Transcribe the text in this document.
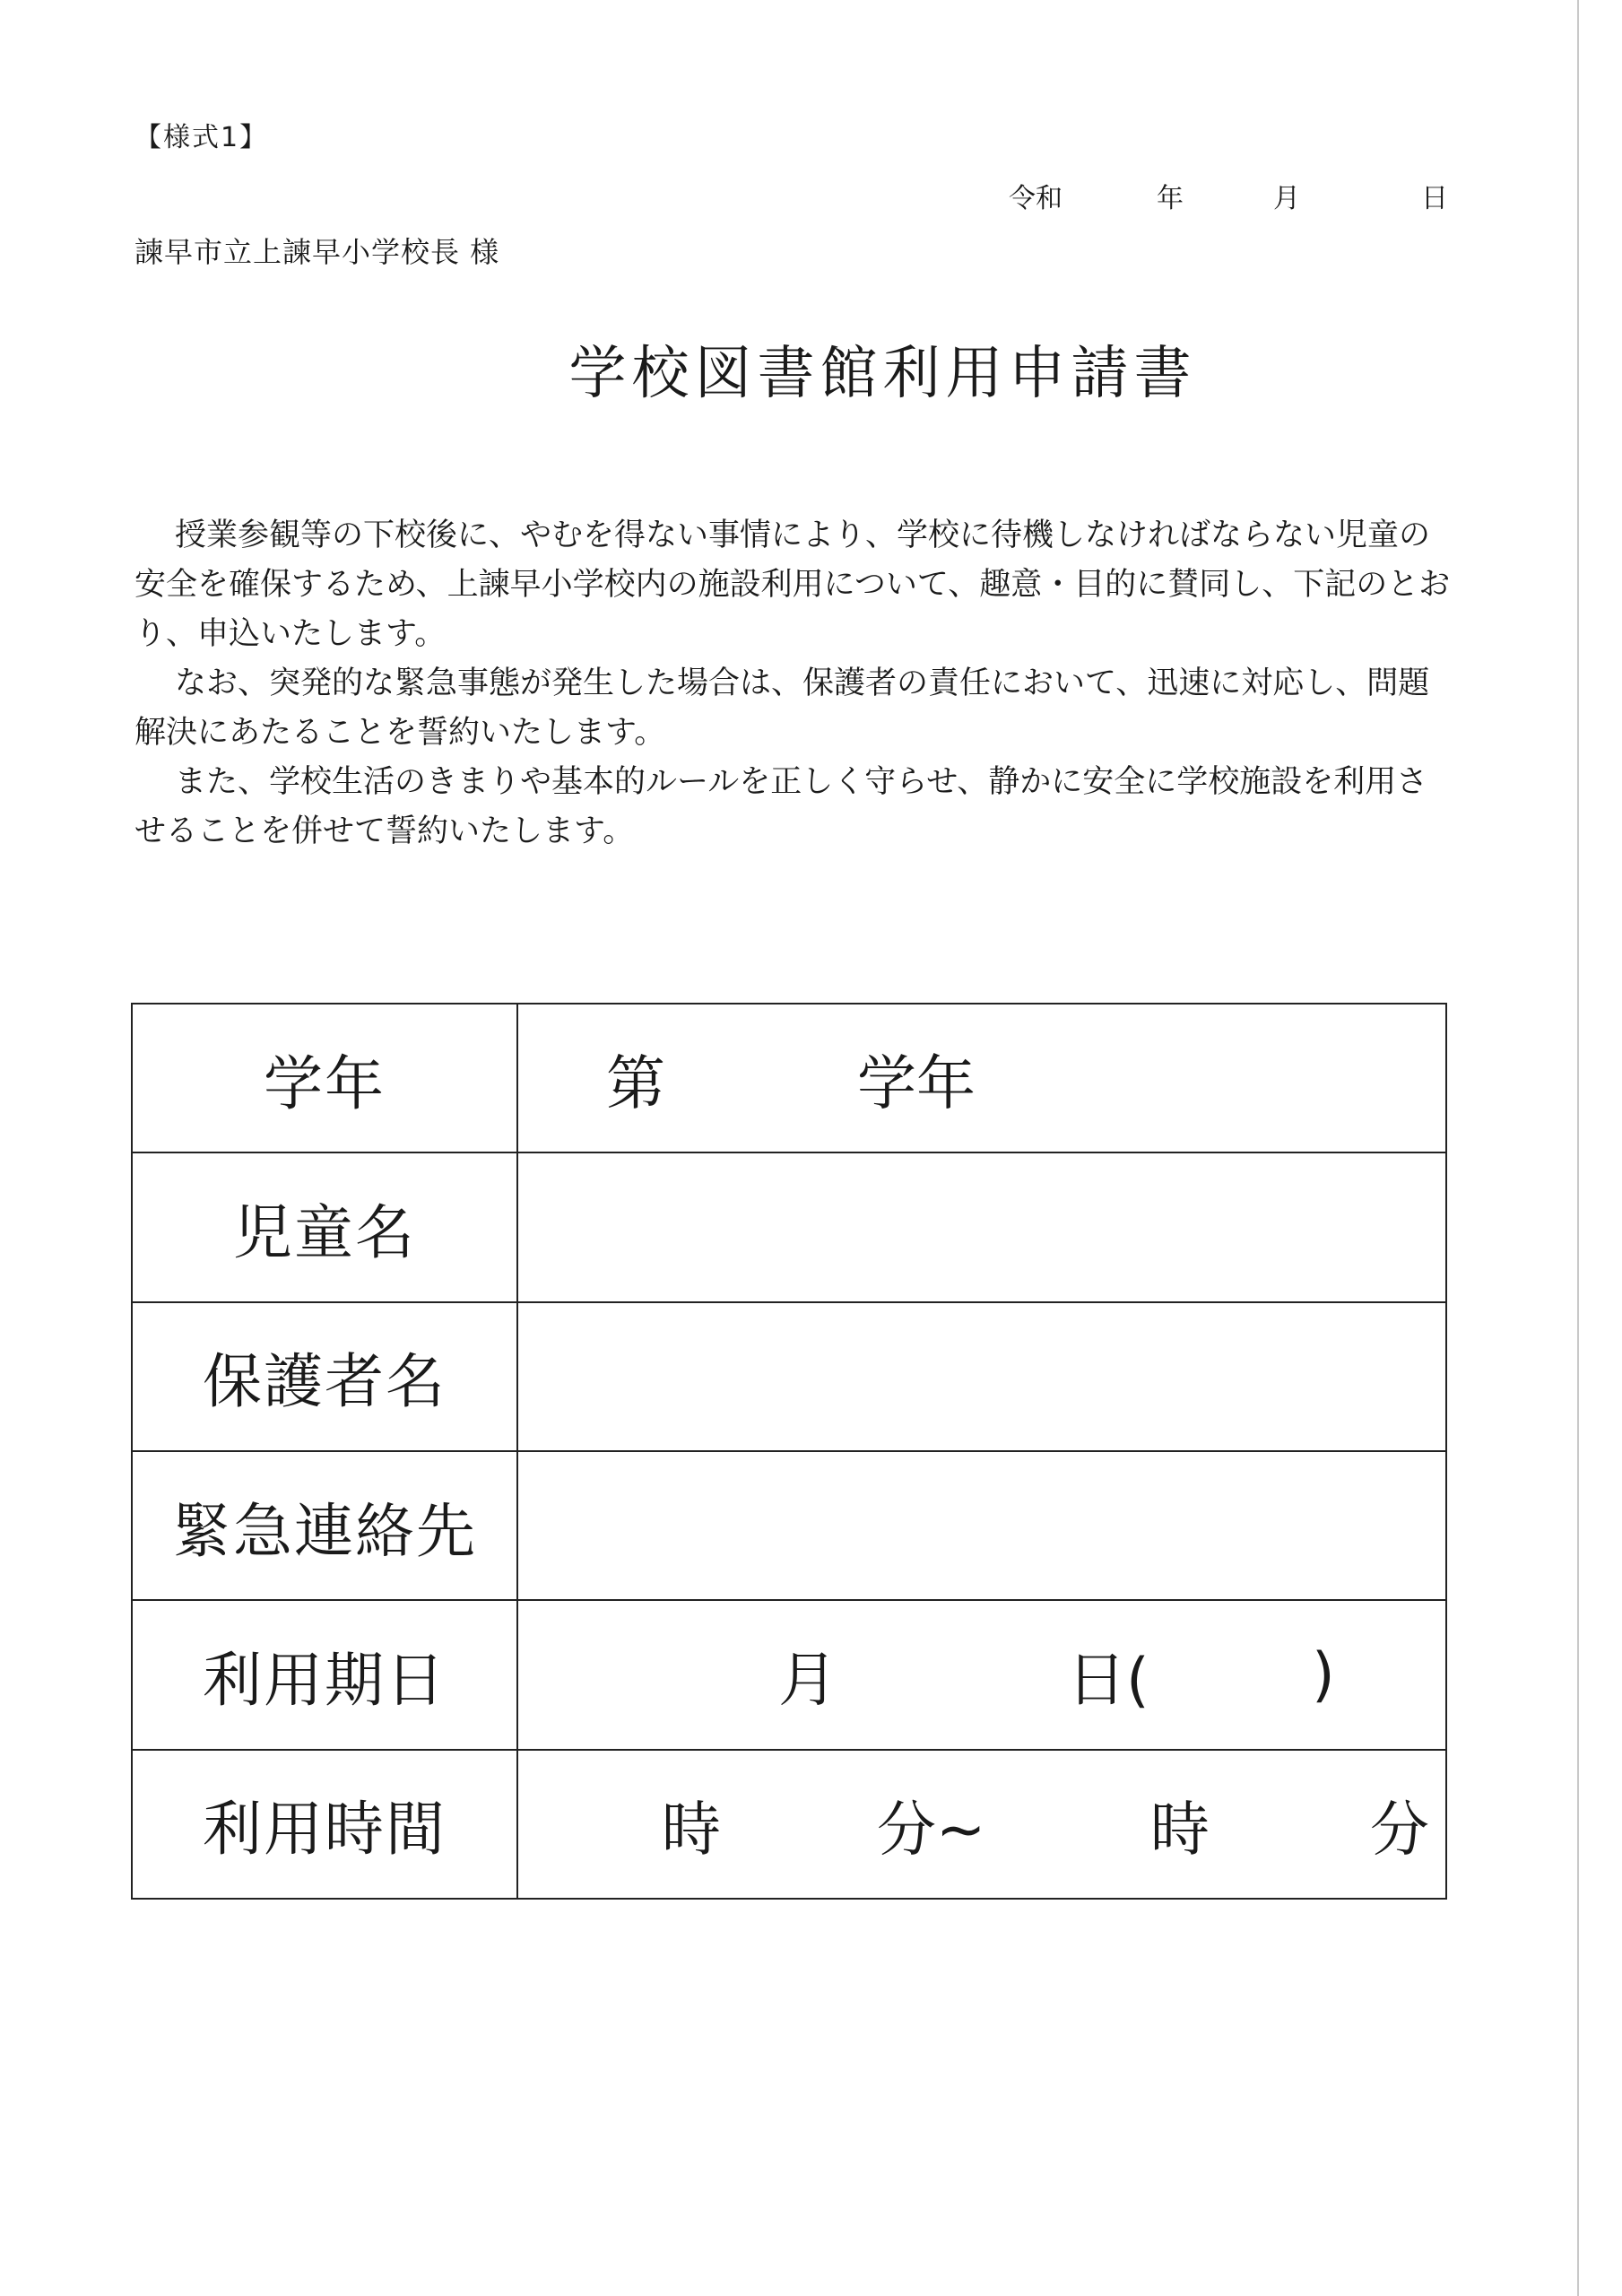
【様式1】
令和	年	月	日
諫早市立上諫早小学校長 様
学校図書館利用申請書

授業参観等の下校後に、やむを得ない事情により、学校に待機しなければならない児童の安全を確保するため、上諫早小学校内の施設利用について、趣意・目的に賛同し、下記のとおり、申込いたします。

なお、突発的な緊急事態が発生した場合は、保護者の責任において、迅速に対応し、問題解決にあたることを誓約いたします。

また、学校生活のきまりや基本的ルールを正しく守らせ、静かに安全に学校施設を利用させることを併せて誓約いたします。

学年	第 学年

児童名	
保護者名	
緊急連絡先	
利用期日	月 日( )

利用時間	時 分~ 時 分
